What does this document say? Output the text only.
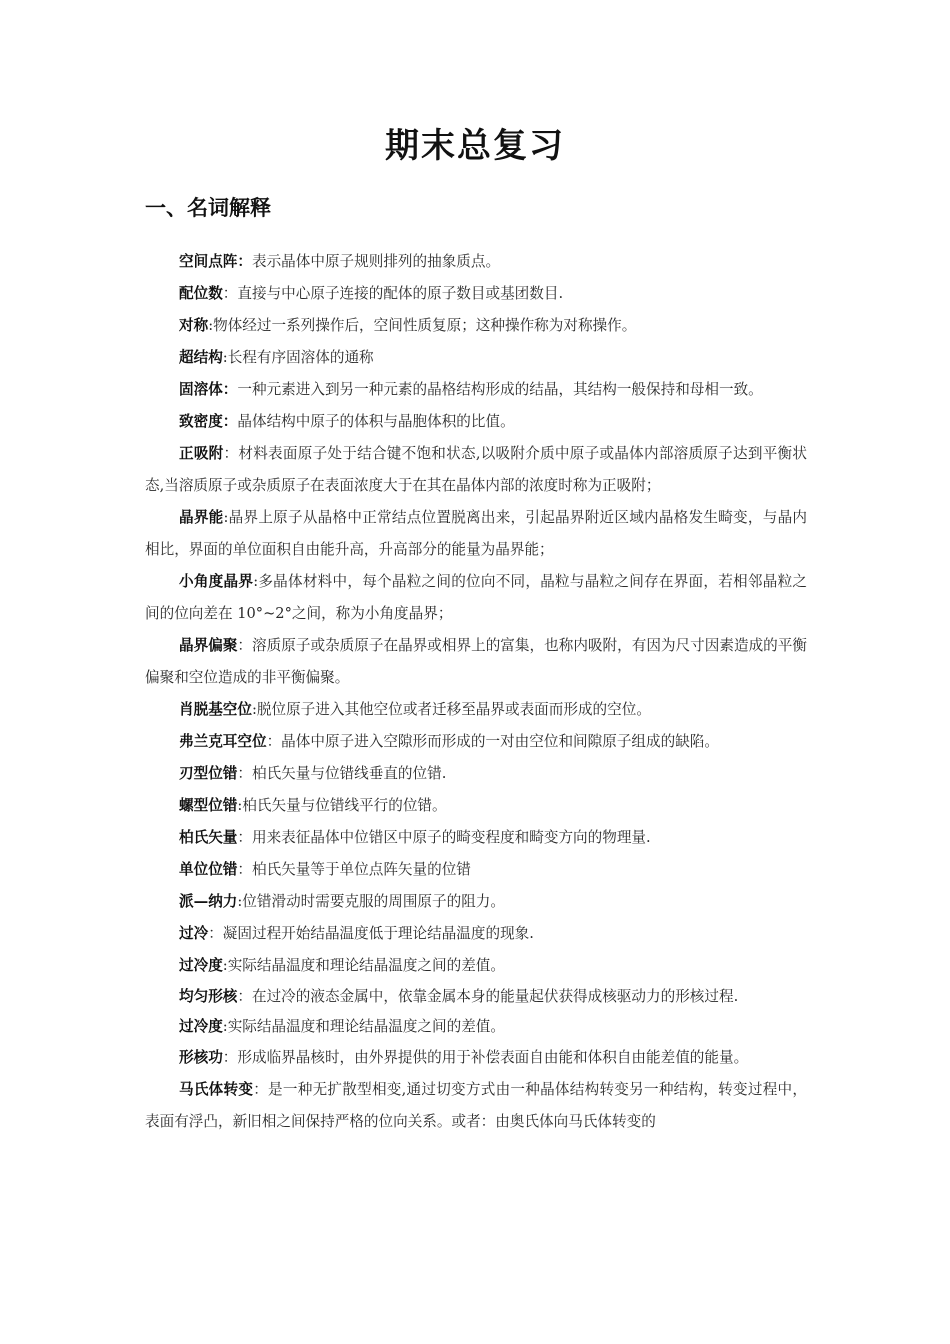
期末总复习
一、名词解释

空间点阵：表示晶体中原子规则排列的抽象质点。

配位数：直接与中心原子连接的配体的原子数目或基团数目.

对称:物体经过一系列操作后，空间性质复原；这种操作称为对称操作。

超结构:长程有序固溶体的通称

固溶体：一种元素进入到另一种元素的晶格结构形成的结晶，其结构一般保持和母相一致。

致密度：晶体结构中原子的体积与晶胞体积的比值。

正吸附：材料表面原子处于结合键不饱和状态,以吸附介质中原子或晶体内部溶质原子达到平衡状态,当溶质原子或杂质原子在表面浓度大于在其在晶体内部的浓度时称为正吸附；

晶界能:晶界上原子从晶格中正常结点位置脱离出来，引起晶界附近区域内晶格发生畸变，与晶内相比，界面的单位面积自由能升高，升高部分的能量为晶界能；

小角度晶界:多晶体材料中，每个晶粒之间的位向不同，晶粒与晶粒之间存在界面，若相邻晶粒之间的位向差在 10°~2°之间，称为小角度晶界；

晶界偏聚：溶质原子或杂质原子在晶界或相界上的富集，也称内吸附，有因为尺寸因素造成的平衡偏聚和空位造成的非平衡偏聚。

肖脱基空位:脱位原子进入其他空位或者迁移至晶界或表面而形成的空位。

弗兰克耳空位：晶体中原子进入空隙形而形成的一对由空位和间隙原子组成的缺陷。

刃型位错：柏氏矢量与位错线垂直的位错.

螺型位错:柏氏矢量与位错线平行的位错。

柏氏矢量：用来表征晶体中位错区中原子的畸变程度和畸变方向的物理量.

单位位错：柏氏矢量等于单位点阵矢量的位错

派—纳力:位错滑动时需要克服的周围原子的阻力。

过冷：凝固过程开始结晶温度低于理论结晶温度的现象.

过冷度:实际结晶温度和理论结晶温度之间的差值。

均匀形核：在过冷的液态金属中，依靠金属本身的能量起伏获得成核驱动力的形核过程.

过冷度:实际结晶温度和理论结晶温度之间的差值。

形核功：形成临界晶核时，由外界提供的用于补偿表面自由能和体积自由能差值的能量。

马氏体转变：是一种无扩散型相变,通过切变方式由一种晶体结构转变另一种结构，转变过程中，表面有浮凸，新旧相之间保持严格的位向关系。或者：由奥氏体向马氏体转变的
